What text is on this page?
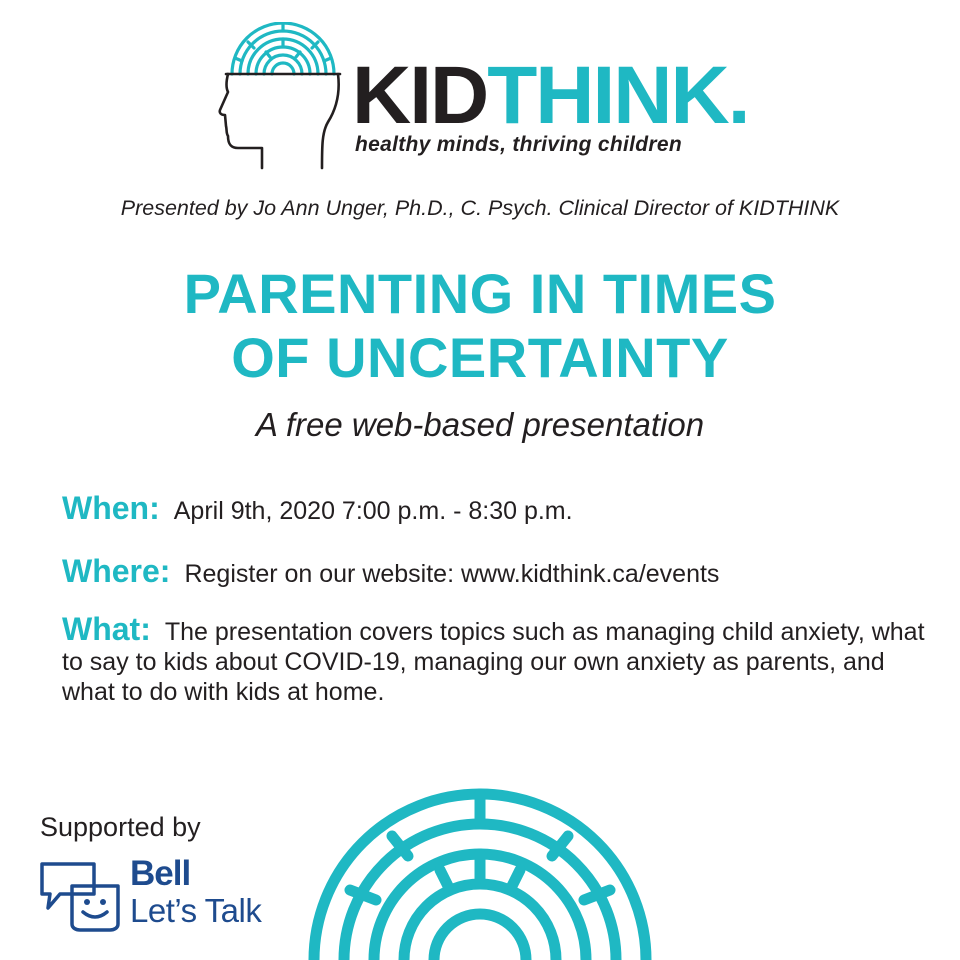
KIDTHINK.
healthy minds, thriving children
Presented by Jo Ann Unger, Ph.D., C. Psych. Clinical Director of KIDTHINK
PARENTING IN TIMES
OF UNCERTAINTY
A free web-based presentation
When: April 9th, 2020 7:00 p.m. - 8:30 p.m.
Where: Register on our website: www.kidthink.ca/events
What: The presentation covers topics such as managing child anxiety, what to say to kids about COVID-19, managing our own anxiety as parents, and what to do with kids at home.
Supported by
Bell
Let’s Talk
